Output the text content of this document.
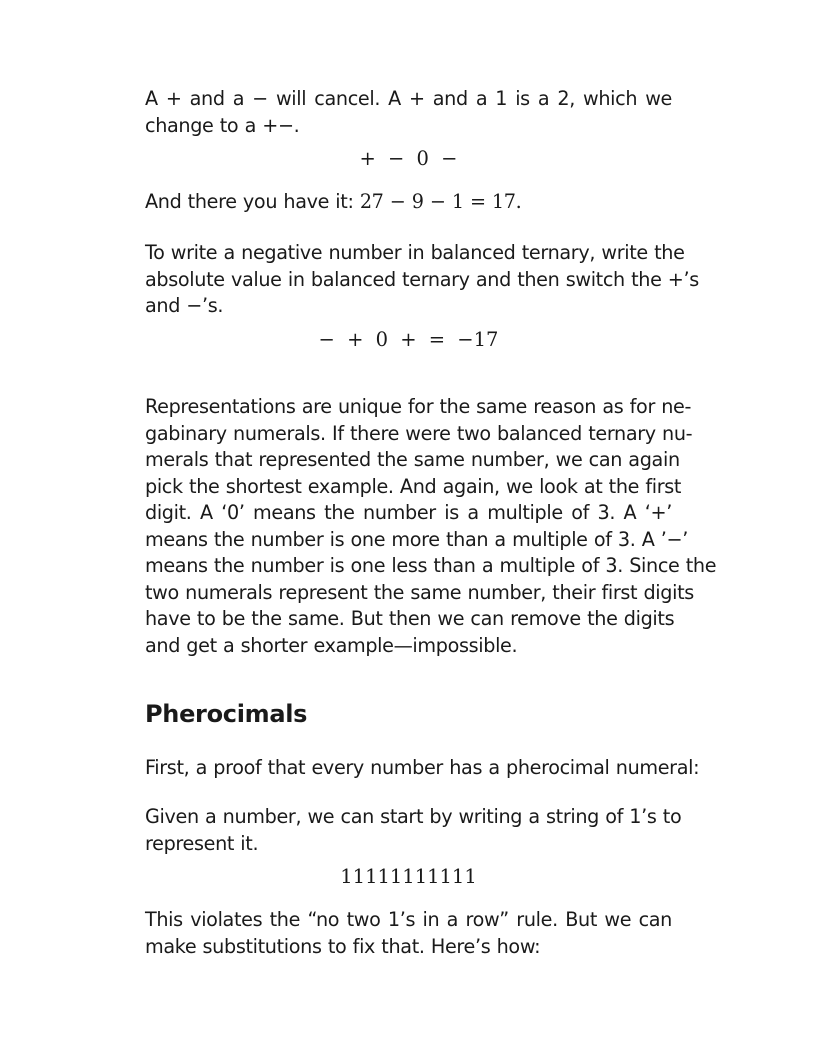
A + and a − will cancel. A + and a 1 is a 2, which we
change to a +−.
+ − 0 −
And there you have it: 27 − 9 − 1 = 17.
To write a negative number in balanced ternary, write the
absolute value in balanced ternary and then switch the +’s
and −’s.
− + 0 + = −17
Representations are unique for the same reason as for ne-
gabinary numerals. If there were two balanced ternary nu-
merals that represented the same number, we can again
pick the shortest example. And again, we look at the first
digit. A ‘0’ means the number is a multiple of 3. A ‘+’
means the number is one more than a multiple of 3. A ’−’
means the number is one less than a multiple of 3. Since the
two numerals represent the same number, their first digits
have to be the same. But then we can remove the digits
and get a shorter example—impossible.
Pherocimals
First, a proof that every number has a pherocimal numeral:
Given a number, we can start by writing a string of 1’s to
represent it.
11111111111
This violates the “no two 1’s in a row” rule. But we can
make substitutions to fix that. Here’s how:
